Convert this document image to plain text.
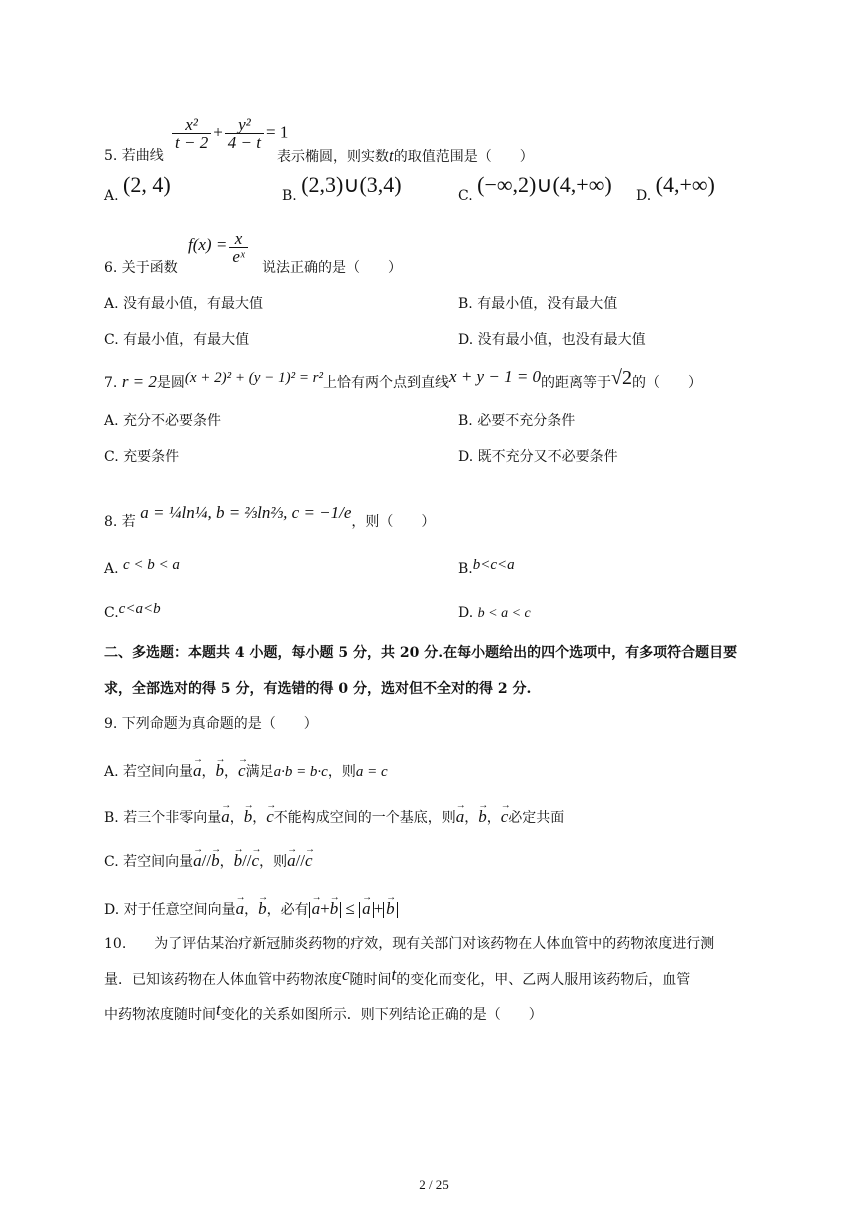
5. 若曲线
$\frac{\text{x²}}{t - 2} + \frac{\text{y²}}{4 - t} = 1$
表示椭圆，则实数t的取值范围是（　　）
A. (2, 4)	B. (2,3)∪(3,4)	C. (−∞,2)∪(4,+∞) D. (4,+∞)
6. 关于函数
$f(x) = \frac{x}{\text{eˣ}}$
说法正确的是（　　）
A. 没有最小值，有最大值	B. 有最小值，没有最大值
C. 有最小值，有最大值	D. 没有最小值，也没有最大值
7. r = 2是圆(x + 2)² + (y − 1)² = r²上恰有两个点到直线x + y − 1 = 0的距离等于√2的（　　）
A. 充分不必要条件	B. 必要不充分条件
C. 充要条件	D. 既不充分又不必要条件
8. 若 a = ¼ln¼, b = ⅔ln⅔, c = −1/e，则（　　）
A. c < b < a	B.b<c<a
C.c<a<b	D. b < a < c
二、多选题：本题共 4 小题，每小题 5 分，共 20 分.在每小题给出的四个选项中，有多项符合题目要
求，全部选对的得 5 分，有选错的得 0 分，选对但不全对的得 2 分.
9. 下列命题为真命题的是（　　）
A. 若空间向量→ a，→ b，→ c满足a·b = b·c，则a = c
B. 若三个非零向量→ a，→ b，→ c不能构成空间的一个基底，则→ a，→ b，→ c必定共面
C. 若空间向量→ a//→ b，→ b//→ c，则→ a//→ c
D. 对于任意空间向量→ a，→ b，必有 → a+→ b ≤ → a + → b
10.　　为了评估某治疗新冠肺炎药物的疗效，现有关部门对该药物在人体血管中的药物浓度进行测
量．已知该药物在人体血管中药物浓度c随时间t的变化而变化，甲、乙两人服用该药物后，血管
中药物浓度随时间t变化的关系如图所示．则下列结论正确的是（　　）
2 / 25
